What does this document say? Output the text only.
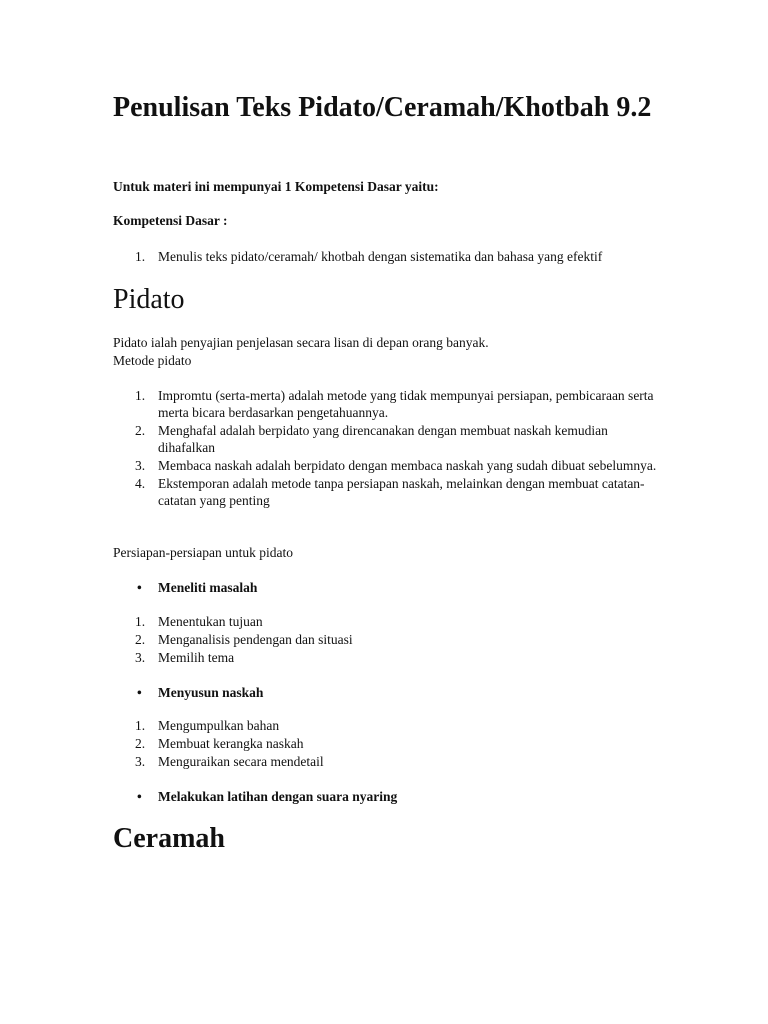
Penulisan Teks Pidato/Ceramah/Khotbah 9.2

Untuk materi ini mempunyai 1 Kompetensi Dasar yaitu:

Kompetensi Dasar :

1. Menulis teks pidato/ceramah/ khotbah dengan sistematika dan bahasa yang efektif
Pidato

Pidato ialah penyajian penjelasan secara lisan di depan orang banyak.

Metode pidato

1. Impromtu (serta-merta) adalah metode yang tidak mempunyai persiapan, pembicaraan serta merta bicara berdasarkan pengetahuannya.
2. Menghafal adalah berpidato yang direncanakan dengan membuat naskah kemudian dihafalkan
3. Membaca naskah adalah berpidato dengan membaca naskah yang sudah dibuat sebelumnya.
4. Ekstemporan adalah metode tanpa persiapan naskah, melainkan dengan membuat catatan-catatan yang penting

Persiapan-persiapan untuk pidato

• Meneliti masalah
1. Menentukan tujuan
2. Menganalisis pendengan dan situasi
3. Memilih tema
• Menyusun naskah
1. Mengumpulkan bahan
2. Membuat kerangka naskah
3. Menguraikan secara mendetail
• Melakukan latihan dengan suara nyaring
Ceramah
